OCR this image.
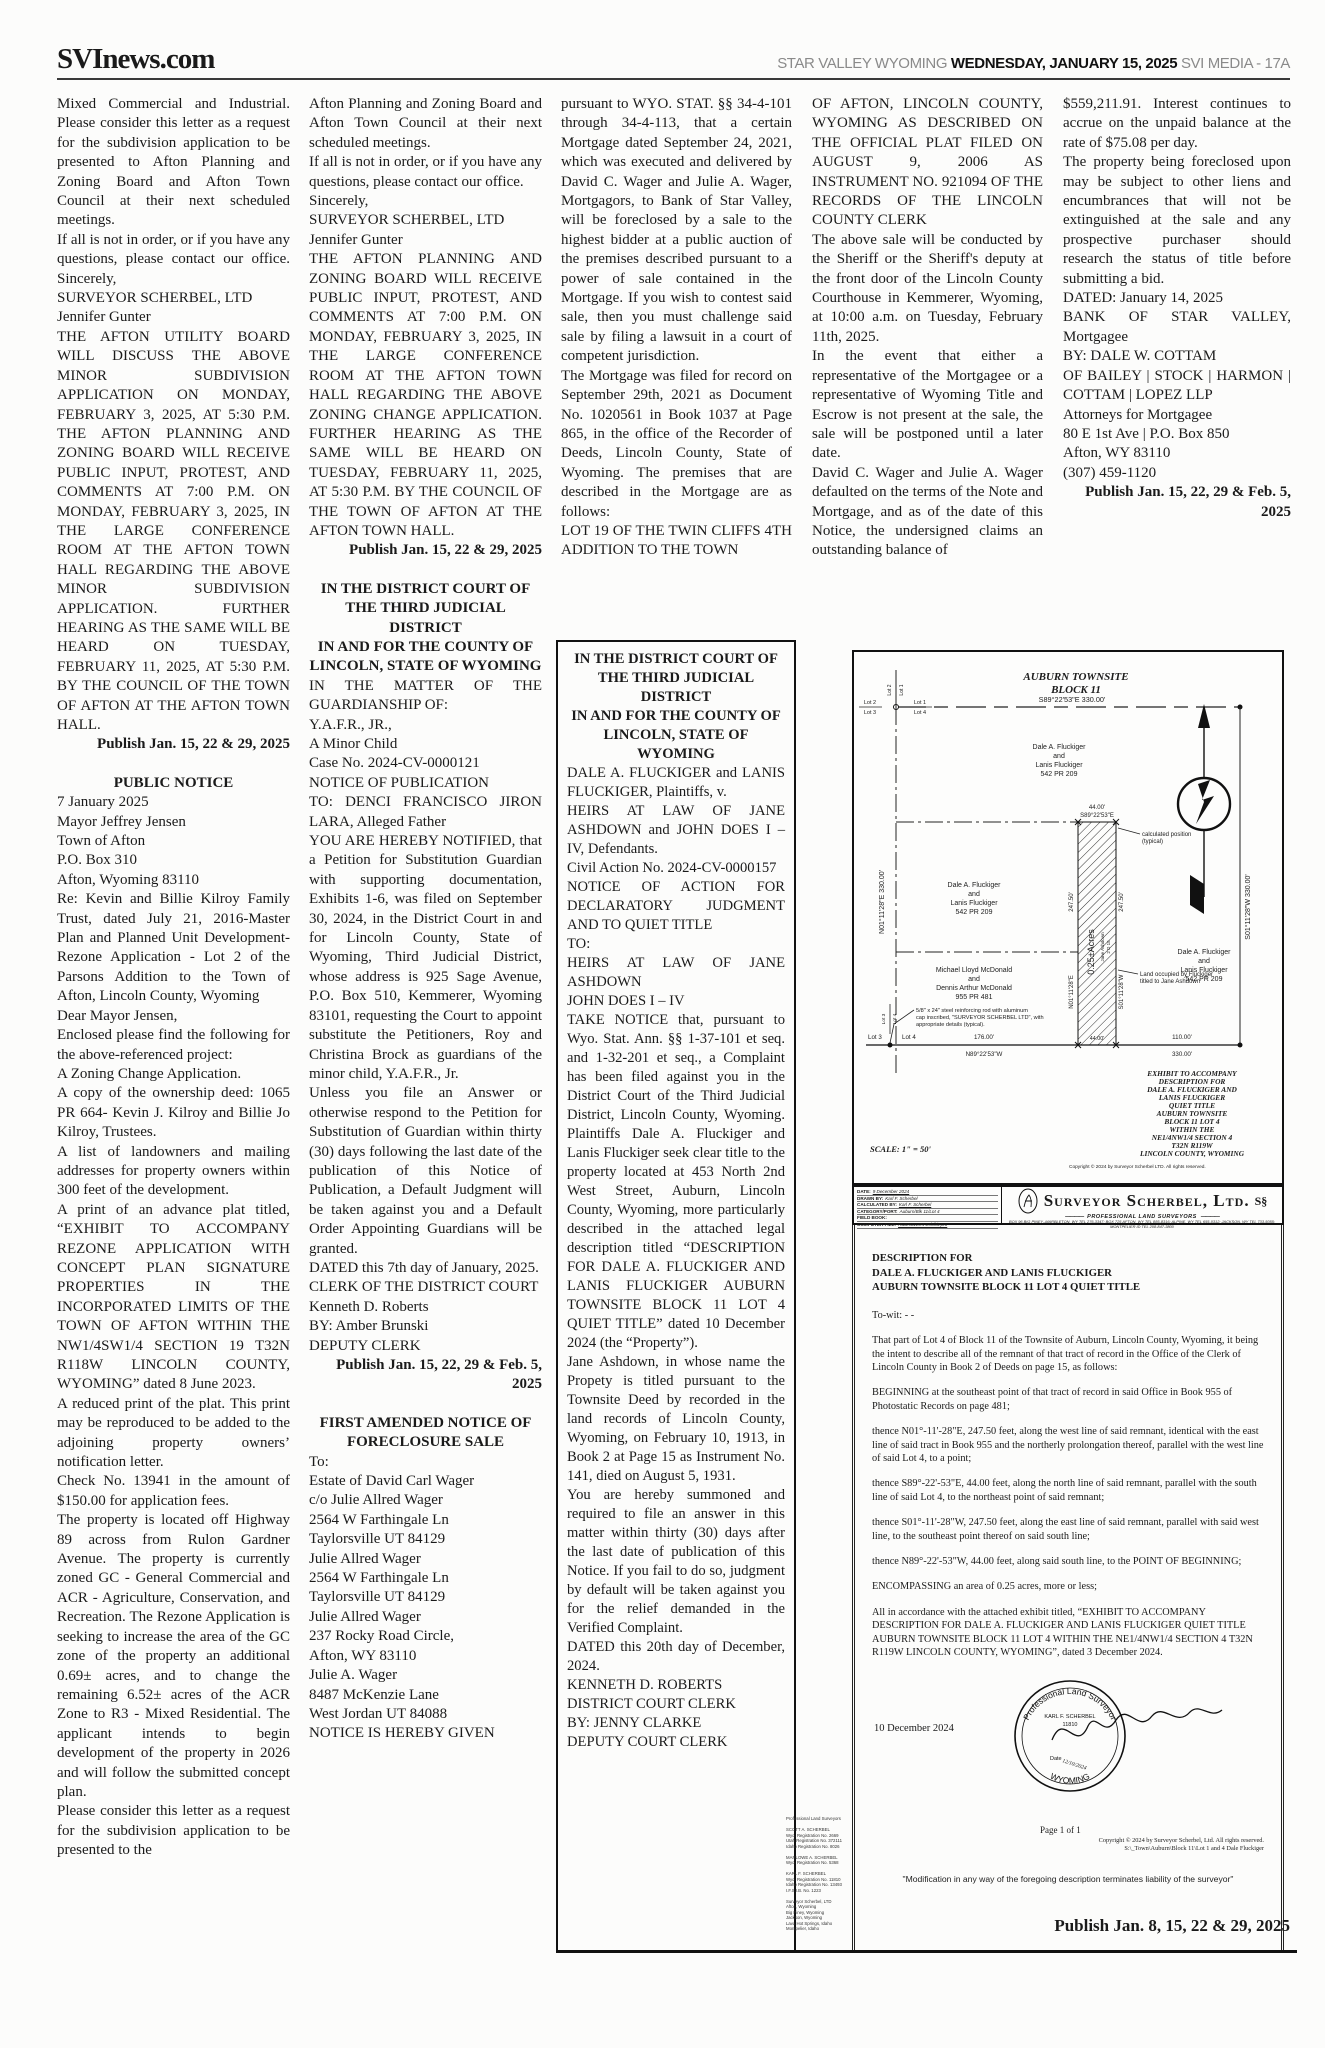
SVInews.com	STAR VALLEY WYOMING WEDNESDAY, JANUARY 15, 2025 SVI MEDIA - 17A

Mixed Commercial and Industrial. Please consider this letter as a request for the subdivision application to be presented to Afton Planning and Zoning Board and Afton Town Council at their next scheduled meetings.

If all is not in order, or if you have any questions, please contact our office. Sincerely,

SURVEYOR SCHERBEL, LTD

Jennifer Gunter

THE AFTON UTILITY BOARD WILL DISCUSS THE ABOVE MINOR SUBDIVISION APPLICATION ON MONDAY, FEBRUARY 3, 2025, AT 5:30 P.M. THE AFTON PLANNING AND ZONING BOARD WILL RECEIVE PUBLIC INPUT, PROTEST, AND COMMENTS AT 7:00 P.M. ON MONDAY, FEBRUARY 3, 2025, IN THE LARGE CONFERENCE ROOM AT THE AFTON TOWN HALL REGARDING THE ABOVE MINOR SUBDIVISION APPLICATION. FURTHER HEARING AS THE SAME WILL BE HEARD ON TUESDAY, FEBRUARY 11, 2025, AT 5:30 P.M. BY THE COUNCIL OF THE TOWN OF AFTON AT THE AFTON TOWN HALL.

Publish Jan. 15, 22 & 29, 2025

PUBLIC NOTICE

7 January 2025

Mayor Jeffrey Jensen

Town of Afton

P.O. Box 310

Afton, Wyoming 83110

Re: Kevin and Billie Kilroy Family Trust, dated July 21, 2016-Master Plan and Planned Unit Development-Rezone Application - Lot 2 of the Parsons Addition to the Town of Afton, Lincoln County, Wyoming

Dear Mayor Jensen,

Enclosed please find the following for the above-referenced project:

A Zoning Change Application.

A copy of the ownership deed: 1065 PR 664- Kevin J. Kilroy and Billie Jo Kilroy, Trustees.

A list of landowners and mailing addresses for property owners within 300 feet of the development.

A print of an advance plat titled, “EXHIBIT TO ACCOMPANY REZONE APPLICATION WITH CONCEPT PLAN SIGNATURE PROPERTIES IN THE INCORPORATED LIMITS OF THE TOWN OF AFTON WITHIN THE NW1/4SW1/4 SECTION 19 T32N R118W LINCOLN COUNTY, WYOMING” dated 8 June 2023.

A reduced print of the plat. This print may be reproduced to be added to the adjoining property owners’ notification letter.

Check No. 13941 in the amount of $150.00 for application fees.

The property is located off Highway 89 across from Rulon Gardner Avenue. The property is currently zoned GC - General Commercial and ACR - Agriculture, Conservation, and Recreation. The Rezone Application is seeking to increase the area of the GC zone of the property an additional 0.69± acres, and to change the remaining 6.52± acres of the ACR Zone to R3 - Mixed Residential. The applicant intends to begin development of the property in 2026 and will follow the submitted concept plan.

Please consider this letter as a request for the subdivision application to be presented to the

Afton Planning and Zoning Board and Afton Town Council at their next scheduled meetings.

If all is not in order, or if you have any questions, please contact our office.

Sincerely,

SURVEYOR SCHERBEL, LTD

Jennifer Gunter

THE AFTON PLANNING AND ZONING BOARD WILL RECEIVE PUBLIC INPUT, PROTEST, AND COMMENTS AT 7:00 P.M. ON MONDAY, FEBRUARY 3, 2025, IN THE LARGE CONFERENCE ROOM AT THE AFTON TOWN HALL REGARDING THE ABOVE ZONING CHANGE APPLICATION. FURTHER HEARING AS THE SAME WILL BE HEARD ON TUESDAY, FEBRUARY 11, 2025, AT 5:30 P.M. BY THE COUNCIL OF THE TOWN OF AFTON AT THE AFTON TOWN HALL.

Publish Jan. 15, 22 & 29, 2025

IN THE DISTRICT COURT OF THE THIRD JUDICIAL DISTRICT

IN AND FOR THE COUNTY OF LINCOLN, STATE OF WYOMING

IN THE MATTER OF THE GUARDIANSHIP OF:

Y.A.F.R., JR.,

A Minor Child

Case No. 2024-CV-0000121

NOTICE OF PUBLICATION

TO: DENCI FRANCISCO JIRON LARA, Alleged Father

YOU ARE HEREBY NOTIFIED, that a Petition for Substitution Guardian with supporting documentation, Exhibits 1-6, was filed on September 30, 2024, in the District Court in and for Lincoln County, State of Wyoming, Third Judicial District, whose address is 925 Sage Avenue, P.O. Box 510, Kemmerer, Wyoming 83101, requesting the Court to appoint substitute the Petitioners, Roy and Christina Brock as guardians of the minor child, Y.A.F.R., Jr.

Unless you file an Answer or otherwise respond to the Petition for Substitution of Guardian within thirty (30) days following the last date of the publication of this Notice of Publication, a Default Judgment will be taken against you and a Default Order Appointing Guardians will be granted.

DATED this 7th day of January, 2025.

CLERK OF THE DISTRICT COURT

Kenneth D. Roberts

BY: Amber Brunski

DEPUTY CLERK

Publish Jan. 15, 22, 29 & Feb. 5, 2025

FIRST AMENDED NOTICE OF FORECLOSURE SALE

To:

Estate of David Carl Wager

c/o Julie Allred Wager

2564 W Farthingale Ln

Taylorsville UT 84129

Julie Allred Wager

2564 W Farthingale Ln

Taylorsville UT 84129

Julie Allred Wager

237 Rocky Road Circle,

Afton, WY 83110

Julie A. Wager

8487 McKenzie Lane

West Jordan UT 84088

NOTICE IS HEREBY GIVEN

pursuant to WYO. STAT. §§ 34-4-101 through 34-4-113, that a certain Mortgage dated September 24, 2021, which was executed and delivered by David C. Wager and Julie A. Wager, Mortgagors, to Bank of Star Valley, will be foreclosed by a sale to the highest bidder at a public auction of the premises described pursuant to a power of sale contained in the Mortgage. If you wish to contest said sale, then you must challenge said sale by filing a lawsuit in a court of competent jurisdiction.

The Mortgage was filed for record on September 29th, 2021 as Document No. 1020561 in Book 1037 at Page 865, in the office of the Recorder of Deeds, Lincoln County, State of Wyoming. The premises that are described in the Mortgage are as follows:

LOT 19 OF THE TWIN CLIFFS 4TH ADDITION TO THE TOWN

OF AFTON, LINCOLN COUNTY, WYOMING AS DESCRIBED ON THE OFFICIAL PLAT FILED ON AUGUST 9, 2006 AS INSTRUMENT NO. 921094 OF THE RECORDS OF THE LINCOLN COUNTY CLERK

The above sale will be conducted by the Sheriff or the Sheriff's deputy at the front door of the Lincoln County Courthouse in Kemmerer, Wyoming, at 10:00 a.m. on Tuesday, February 11th, 2025.

In the event that either a representative of the Mortgagee or a representative of Wyoming Title and Escrow is not present at the sale, the sale will be postponed until a later date.

David C. Wager and Julie A. Wager defaulted on the terms of the Note and Mortgage, and as of the date of this Notice, the undersigned claims an outstanding balance of

$559,211.91. Interest continues to accrue on the unpaid balance at the rate of $75.08 per day.

The property being foreclosed upon may be subject to other liens and encumbrances that will not be extinguished at the sale and any prospective purchaser should research the status of title before submitting a bid.

DATED: January 14, 2025

BANK OF STAR VALLEY, Mortgagee

BY: DALE W. COTTAM

OF BAILEY | STOCK | HARMON | COTTAM | LOPEZ LLP

Attorneys for Mortgagee

80 E 1st Ave | P.O. Box 850

Afton, WY 83110

(307) 459-1120

Publish Jan. 15, 22, 29 & Feb. 5, 2025

IN THE DISTRICT COURT OF THE THIRD JUDICIAL DISTRICT

IN AND FOR THE COUNTY OF LINCOLN, STATE OF WYOMING

DALE A. FLUCKIGER and LANIS FLUCKIGER, Plaintiffs, v.

HEIRS AT LAW OF JANE ASHDOWN and JOHN DOES I – IV, Defendants.

Civil Action No. 2024-CV-0000157

NOTICE OF ACTION FOR DECLARATORY JUDGMENT AND TO QUIET TITLE

TO:

HEIRS AT LAW OF JANE ASHDOWN

JOHN DOES I – IV

TAKE NOTICE that, pursuant to Wyo. Stat. Ann. §§ 1-37-101 et seq. and 1-32-201 et seq., a Complaint has been filed against you in the District Court of the Third Judicial District, Lincoln County, Wyoming. Plaintiffs Dale A. Fluckiger and Lanis Fluckiger seek clear title to the property located at 453 North 2nd West Street, Auburn, Lincoln County, Wyoming, more particularly described in the attached legal description titled “DESCRIPTION FOR DALE A. FLUCKIGER AND LANIS FLUCKIGER AUBURN TOWNSITE BLOCK 11 LOT 4 QUIET TITLE” dated 10 December 2024 (the “Property”).

Jane Ashdown, in whose name the Propety is titled pursuant to the Townsite Deed by recorded in the land records of Lincoln County, Wyoming, on February 10, 1913, in Book 2 at Page 15 as Instrument No. 141, died on August 5, 1931.

You are hereby summoned and required to file an answer in this matter within thirty (30) days after the last date of publication of this Notice. If you fail to do so, judgment by default will be taken against you for the relief demanded in the Verified Complaint.

DATED this 20th day of December, 2024.

KENNETH D. ROBERTS

DISTRICT COURT CLERK

BY: JENNY CLARKE

DEPUTY COURT CLERK

AUBURN TOWNSITE
BLOCK 11
S89°22'53"E 330.00'
Lot 2 Lot 1
Lot 2
Lot 3
Lot 1
Lot 4
Dale A. Fluckiger
and
Lanis Fluckiger
542 PR 209
N01°11'28"E 330.00'	Dale A. Fluckiger
and
Lanis Fluckiger
542 PR 209
Michael Lloyd McDonald
and
Dennis Arthur McDonald
955 PR 481
44.00'
S89°22'53"E
calculated position
(typical)
247.50'	247.50'
N01°11'28"E	S01°11'28"W
0.25±Acres Jane Ashdown 2 D 15
Land occupied by Fluckiger
titled to Jane Ashdown
S01°11'28"W 330.00'
Dale A. Fluckiger
and
Lanis Fluckiger
542 PR 209
5/8" x 24" steel reinforcing rod with aluminum
cap inscribed, "SURVEYOR SCHERBEL LTD", with
appropriate details (typical).
Lot 3 Lot 4
Lot 3	Lot 4	176.00'
N89°22'53"W
44.00'	110.00'
330.00'
EXHIBIT TO ACCOMPANY
DESCRIPTION FOR
DALE A. FLUCKIGER AND
LANIS FLUCKIGER
QUIET TITLE
AUBURN TOWNSITE
BLOCK 11 LOT 4
WITHIN THE
NE1/4NW1/4 SECTION 4
T32N R119W
LINCOLN COUNTY, WYOMING
SCALE: 1" = 50'
Copyright © 2024 by Surveyor Scherbel LTD. All rights reserved.
DATE: 9 December 2024
DRAWN BY: Karl F. Scherbel
CALCULATED BY: Karl F. Scherbel
CATEGORY/PORT: Auburn/Blk 11/Lot 4
FIELD BOOK:
COMPUTER FILE: AUBN11LO4 Exhibit.pro
Surveyor Scherbel, Ltd. S§
———— PROFESSIONAL LAND SURVEYORS ————
BOX 96 BIG PINEY–MARBLETON, WY TEL 276-3347; BOX 725 AFTON, WY TEL 885-8316; ALPINE, WY TEL 655-0312; JACKSON, WY TEL 733-5055; MONTPELIER ID TEL 208-847-3800
DESCRIPTION FOR
DALE A. FLUCKIGER AND LANIS FLUCKIGER
AUBURN TOWNSITE BLOCK 11 LOT 4 QUIET TITLE
To-wit: - -

That part of Lot 4 of Block 11 of the Townsite of Auburn, Lincoln County, Wyoming, it being the intent to describe all of the remnant of that tract of record in the Office of the Clerk of Lincoln County in Book 2 of Deeds on page 15, as follows:

BEGINNING at the southeast point of that tract of record in said Office in Book 955 of Photostatic Records on page 481;

thence N01°-11'-28"E, 247.50 feet, along the west line of said remnant, identical with the east line of said tract in Book 955 and the northerly prolongation thereof, parallel with the west line of said Lot 4, to a point;

thence S89°-22'-53"E, 44.00 feet, along the north line of said remnant, parallel with the south line of said Lot 4, to the northeast point of said remnant;

thence S01°-11'-28"W, 247.50 feet, along the east line of said remnant, parallel with said west line, to the southeast point thereof on said south line;

thence N89°-22'-53"W, 44.00 feet, along said south line, to the POINT OF BEGINNING;

ENCOMPASSING an area of 0.25 acres, more or less;

All in accordance with the attached exhibit titled, “EXHIBIT TO ACCOMPANY DESCRIPTION FOR DALE A. FLUCKIGER AND LANIS FLUCKIGER QUIET TITLE AUBURN TOWNSITE BLOCK 11 LOT 4 WITHIN THE NE1/4NW1/4 SECTION 4 T32N R119W LINCOLN COUNTY, WYOMING”, dated 3 December 2024.

10 December 2024
Professional Land Surveyor
WYOMING
KARL F. SCHERBEL
11810
Date 12/10/2024
Page 1 of 1
Copyright © 2024 by Surveyor Scherbel, Ltd. All rights reserved.
S:\_Town\Auburn\Block 11\Lot 1 and 4 Dale Fluckiger
"Modification in any way of the foregoing description terminates liability of the surveyor"
Professional Land Surveyors
SCOTT A. SCHERBEL
Wyo. Registration No. 2669
Utah Registration No. 372111
Idaho Registration No. 8026
MARLOWE A. SCHERBEL
Wyo. Registration No. 5368
KARL F. SCHERBEL
Wyo. Registration No. 11810
Idaho Registration No. 13493
I.F.S.I.B. No. 1223
Surveyor Scherbel, LTD
Afton, Wyoming
Big Piney, Wyoming
Jackson, Wyoming
Lava Hot Springs, Idaho
Montpelier, Idaho	Publish Jan. 8, 15, 22 & 29, 2025
